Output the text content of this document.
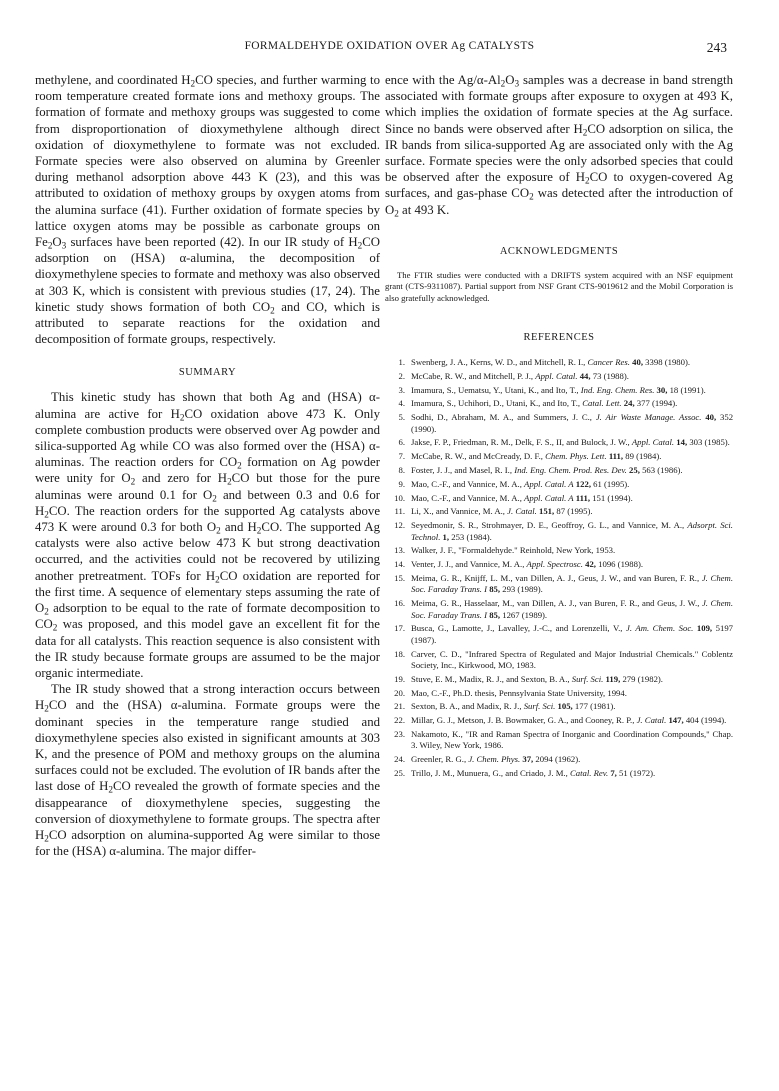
FORMALDEHYDE OXIDATION OVER Ag CATALYSTS	243

methylene, and coordinated $H_2CO$ species, and further warming to room temperature created formate ions and methoxy groups. The formation of formate and methoxy groups was suggested to come from disproportionation of dioxymethylene although direct oxidation of dioxymethylene to formate was not excluded. Formate species were also observed on alumina by Greenler during methanol adsorption above 443 K (23), and this was attributed to oxidation of methoxy groups by oxygen atoms from the alumina surface (41). Further oxidation of formate species by lattice oxygen atoms may be possible as carbonate groups on $Fe_2O_3$ surfaces have been reported (42). In our IR study of $H_2CO$ adsorption on (HSA) α-alumina, the decomposition of dioxymethylene species to formate and methoxy was also observed at 303 K, which is consistent with previous studies (17, 24). The kinetic study shows formation of both $CO_2$ and CO, which is attributed to separate reactions for the oxidation and decomposition of formate groups, respectively.

SUMMARY

This kinetic study has shown that both Ag and (HSA) α-alumina are active for $H_2CO$ oxidation above 473 K. Only complete combustion products were observed over Ag powder and silica-supported Ag while CO was also formed over the (HSA) α-aluminas. The reaction orders for $CO_2$ formation on Ag powder were unity for $O_2$ and zero for $H_2CO$ but those for the pure aluminas were around 0.1 for $O_2$ and between 0.3 and 0.6 for $H_2CO$. The reaction orders for the supported Ag catalysts above 473 K were around 0.3 for both $O_2$ and $H_2CO$. The supported Ag catalysts were also active below 473 K but strong deactivation occurred, and the activities could not be recovered by utilizing another pretreatment. TOFs for $H_2CO$ oxidation are reported for the first time. A sequence of elementary steps assuming the rate of $O_2$ adsorption to be equal to the rate of formate decomposition to $CO_2$ was proposed, and this model gave an excellent fit for the data for all catalysts. This reaction sequence is also consistent with the IR study because formate groups are assumed to be the major organic intermediate.

The IR study showed that a strong interaction occurs between $H_2CO$ and the (HSA) α-alumina. Formate groups were the dominant species in the temperature range studied and dioxymethylene species also existed in significant amounts at 303 K, and the presence of POM and methoxy groups on the alumina surfaces could not be excluded. The evolution of IR bands after the last dose of $H_2CO$ revealed the growth of formate species and the disappearance of dioxymethylene species, suggesting the conversion of dioxymethylene to formate groups. The spectra after $H_2CO$ adsorption on alumina-supported Ag were similar to those for the (HSA) α-alumina. The major differ-

ence with the $Ag/\alpha-Al_2O_3$ samples was a decrease in band strength associated with formate groups after exposure to oxygen at 493 K, which implies the oxidation of formate species at the Ag surface. Since no bands were observed after $H_2CO$ adsorption on silica, the IR bands from silica-supported Ag are associated only with the Ag surface. Formate species were the only adsorbed species that could be observed after the exposure of $H_2CO$ to oxygen-covered Ag surfaces, and gas-phase $CO_2$ was detected after the introduction of $O_2$ at 493 K.

ACKNOWLEDGMENTS

The FTIR studies were conducted with a DRIFTS system acquired with an NSF equipment grant (CTS-9311087). Partial support from NSF Grant CTS-9019612 and the Mobil Corporation is also gratefully acknowledged.

REFERENCES

1. Swenberg, J. A., Kerns, W. D., and Mitchell, R. I., Cancer Res. 40, 3398 (1980).
2. McCabe, R. W., and Mitchell, P. J., Appl. Catal. 44, 73 (1988).
3. Imamura, S., Uematsu, Y., Utani, K., and Ito, T., Ind. Eng. Chem. Res. 30, 18 (1991).
4. Imamura, S., Uchihori, D., Utani, K., and Ito, T., Catal. Lett. 24, 377 (1994).
5. Sodhi, D., Abraham, M. A., and Summers, J. C., J. Air Waste Manage. Assoc. 40, 352 (1990).
6. Jakse, F. P., Friedman, R. M., Delk, F. S., II, and Bulock, J. W., Appl. Catal. 14, 303 (1985).
7. McCabe, R. W., and McCready, D. F., Chem. Phys. Lett. 111, 89 (1984).
8. Foster, J. J., and Masel, R. I., Ind. Eng. Chem. Prod. Res. Dev. 25, 563 (1986).
9. Mao, C.-F., and Vannice, M. A., Appl. Catal. A 122, 61 (1995).
10. Mao, C.-F., and Vannice, M. A., Appl. Catal. A 111, 151 (1994).
11. Li, X., and Vannice, M. A., J. Catal. 151, 87 (1995).
12. Seyedmonir, S. R., Strohmayer, D. E., Geoffroy, G. L., and Vannice, M. A., Adsorpt. Sci. Technol. 1, 253 (1984).
13. Walker, J. F., "Formaldehyde." Reinhold, New York, 1953.
14. Venter, J. J., and Vannice, M. A., Appl. Spectrosc. 42, 1096 (1988).
15. Meima, G. R., Knijff, L. M., van Dillen, A. J., Geus, J. W., and van Buren, F. R., J. Chem. Soc. Faraday Trans. I 85, 293 (1989).
16. Meima, G. R., Hasselaar, M., van Dillen, A. J., van Buren, F. R., and Geus, J. W., J. Chem. Soc. Faraday Trans. I 85, 1267 (1989).
17. Busca, G., Lamotte, J., Lavalley, J.-C., and Lorenzelli, V., J. Am. Chem. Soc. 109, 5197 (1987).
18. Carver, C. D., "Infrared Spectra of Regulated and Major Industrial Chemicals." Coblentz Society, Inc., Kirkwood, MO, 1983.
19. Stuve, E. M., Madix, R. J., and Sexton, B. A., Surf. Sci. 119, 279 (1982).
20. Mao, C.-F., Ph.D. thesis, Pennsylvania State University, 1994.
21. Sexton, B. A., and Madix, R. J., Surf. Sci. 105, 177 (1981).
22. Millar, G. J., Metson, J. B. Bowmaker, G. A., and Cooney, R. P., J. Catal. 147, 404 (1994).
23. Nakamoto, K., "IR and Raman Spectra of Inorganic and Coordination Compounds," Chap. 3. Wiley, New York, 1986.
24. Greenler, R. G., J. Chem. Phys. 37, 2094 (1962).
25. Trillo, J. M., Munuera, G., and Criado, J. M., Catal. Rev. 7, 51 (1972).
